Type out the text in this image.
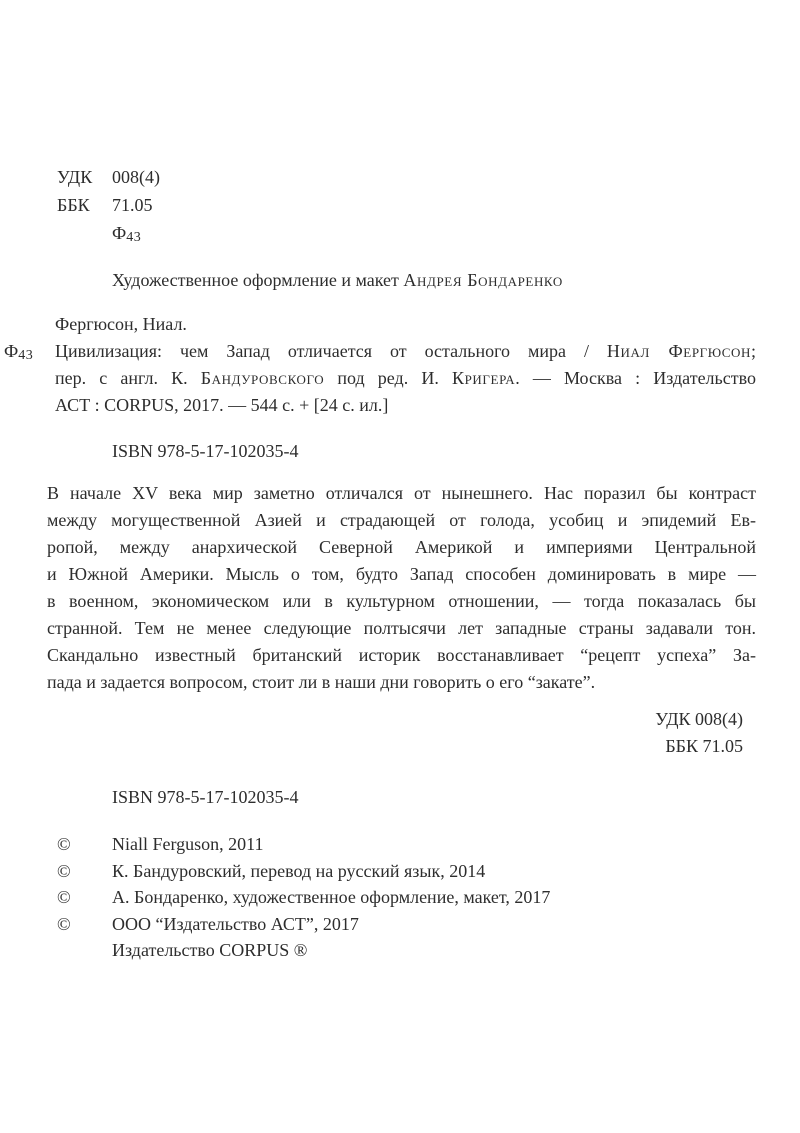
УДК	008(4)
ББК	71.05
Ф43
Художественное оформление и макет Андрея Бондаренко
Фергюсон, Ниал.
Ф43 Цивилизация: чем Запад отличается от остального мира / Ниал Фергюсон;
пер. с англ. К. Бандуровского под ред. И. Кригера. — Москва : Издательство
АСТ : CORPUS, 2017. — 544 с. + [24 с. ил.]
ISBN 978-5-17-102035-4
В начале XV века мир заметно отличался от нынешнего. Нас поразил бы контраст
между могущественной Азией и страдающей от голода, усобиц и эпидемий Ев-
ропой, между анархической Северной Америкой и империями Центральной
и Южной Америки. Мысль о том, будто Запад способен доминировать в мире —
в военном, экономическом или в культурном отношении, — тогда показалась бы
странной. Тем не менее следующие полтысячи лет западные страны задавали тон.
Скандально известный британский историк восстанавливает “рецепт успеха” За-
пада и задается вопросом, стоит ли в наши дни говорить о его “закате”.
УДК 008(4)
ББК 71.05
ISBN 978-5-17-102035-4
©	Niall Ferguson, 2011
©	К. Бандуровский, перевод на русский язык, 2014
©	А. Бондаренко, художественное оформление, макет, 2017
©	ООО “Издательство АСТ”, 2017
Издательство CORPUS ®
